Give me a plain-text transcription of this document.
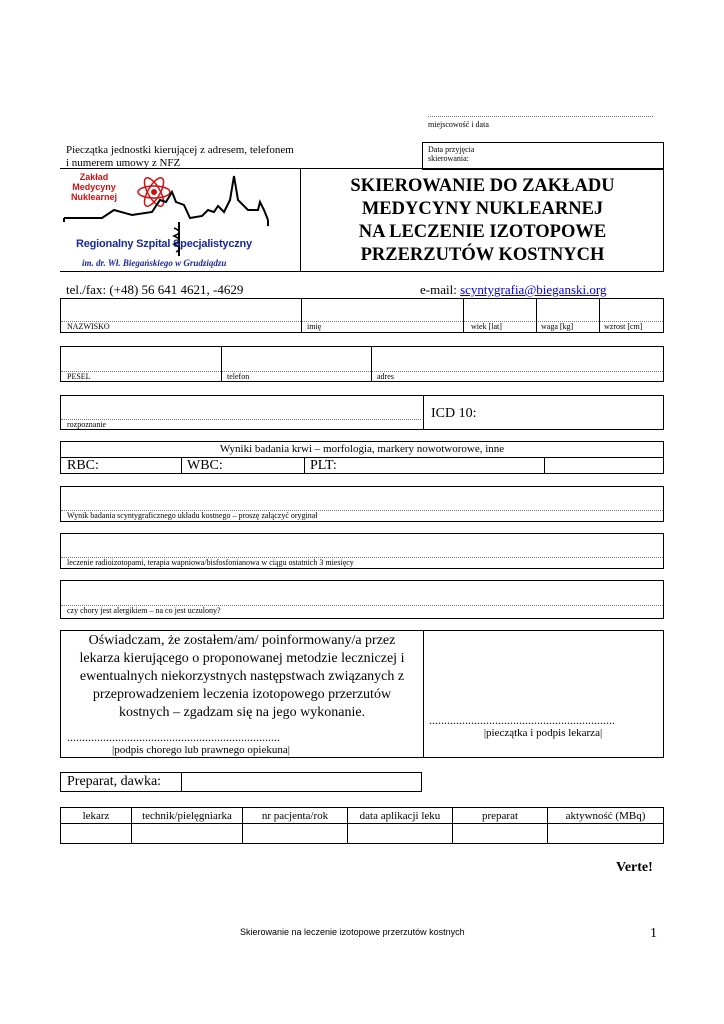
miejscowość i data
Pieczątka jednostki kierującej z adresem, telefonem
i numerem umowy z NFZ
Data przyjęcia
skierowania:
SKIEROWANIE DO ZAKŁADU
MEDYCYNY NUKLEARNEJ
NA LECZENIE IZOTOPOWE
PRZERZUTÓW KOSTNYCH
Zakład
Medycyny
Nuklearnej
Regionalny Szpital Specjalistyczny
im. dr. Wł. Biegańskiego w Grudziądzu
tel./fax: (+48) 56 641 4621, -4629	e-mail: scyntygrafia@bieganski.org
NAZWISKO	imię	wiek [lat]	waga [kg]	wzrost [cm]
PESEL	telefon	adres
rozpoznanie
ICD 10:
Wyniki badania krwi – morfologia, markery nowotworowe, inne
RBC:	WBC:	PLT:
Wynik badania scyntygraficznego układu kostnego – proszę załączyć oryginał
leczenie radioizotopami, terapia wapniowa/bisfosfonianowa w ciągu ostatnich 3 miesięcy
czy chory jest alergikiem – na co jest uczulony?
Oświadczam, że zostałem/am/ poinformowany/a przez
lekarza kierującego o proponowanej metodzie leczniczej i
ewentualnych niekorzystnych następstwach związanych z
przeprowadzeniem leczenia izotopowego przerzutów
kostnych – zgadzam się na jego wykonanie.
.......................................................................
|podpis chorego lub prawnego opiekuna|
..............................................................
|pieczątka i podpis lekarza|
Preparat, dawka:
lekarz	technik/pielęgniarka	nr pacjenta/rok	data aplikacji leku	preparat	aktywność (MBq)

Verte!
Skierowanie na leczenie izotopowe przerzutów kostnych	1
